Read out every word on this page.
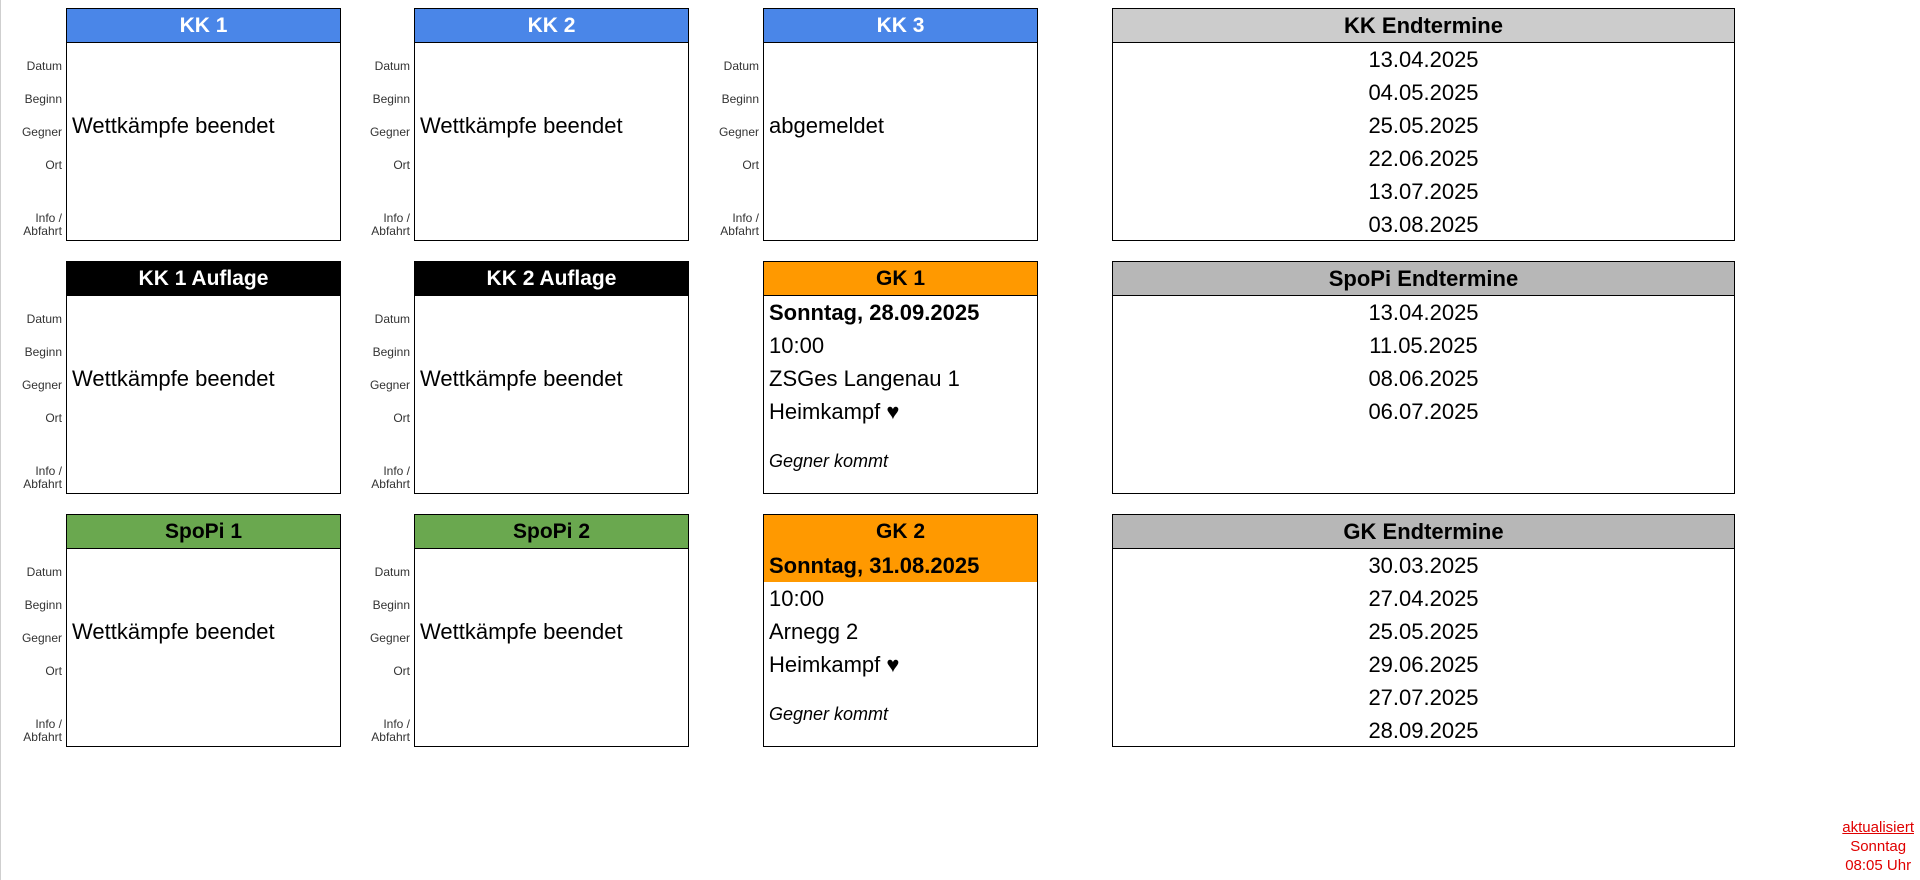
Datum
Beginn
Gegner
Ort
Info /
Abfahrt
KK 1
Wettkämpfe beendet
Datum
Beginn
Gegner
Ort
Info /
Abfahrt
KK 2
Wettkämpfe beendet
Datum
Beginn
Gegner
Ort
Info /
Abfahrt
KK 3
abgemeldet
KK Endtermine
13.04.2025
04.05.2025
25.05.2025
22.06.2025
13.07.2025
03.08.2025
Datum
Beginn
Gegner
Ort
Info /
Abfahrt
KK 1 Auflage
Wettkämpfe beendet
Datum
Beginn
Gegner
Ort
Info /
Abfahrt
KK 2 Auflage
Wettkämpfe beendet
GK 1
Sonntag, 28.09.2025
10:00
ZSGes Langenau 1
Heimkampf ♥
Gegner kommt
SpoPi Endtermine
13.04.2025
11.05.2025
08.06.2025
06.07.2025
Datum
Beginn
Gegner
Ort
Info /
Abfahrt
SpoPi 1
Wettkämpfe beendet
Datum
Beginn
Gegner
Ort
Info /
Abfahrt
SpoPi 2
Wettkämpfe beendet
GK 2
Sonntag, 31.08.2025
10:00
Arnegg 2
Heimkampf ♥
Gegner kommt
GK Endtermine
30.03.2025
27.04.2025
25.05.2025
29.06.2025
27.07.2025
28.09.2025
aktualisiert
Sonntag
08:05 Uhr
